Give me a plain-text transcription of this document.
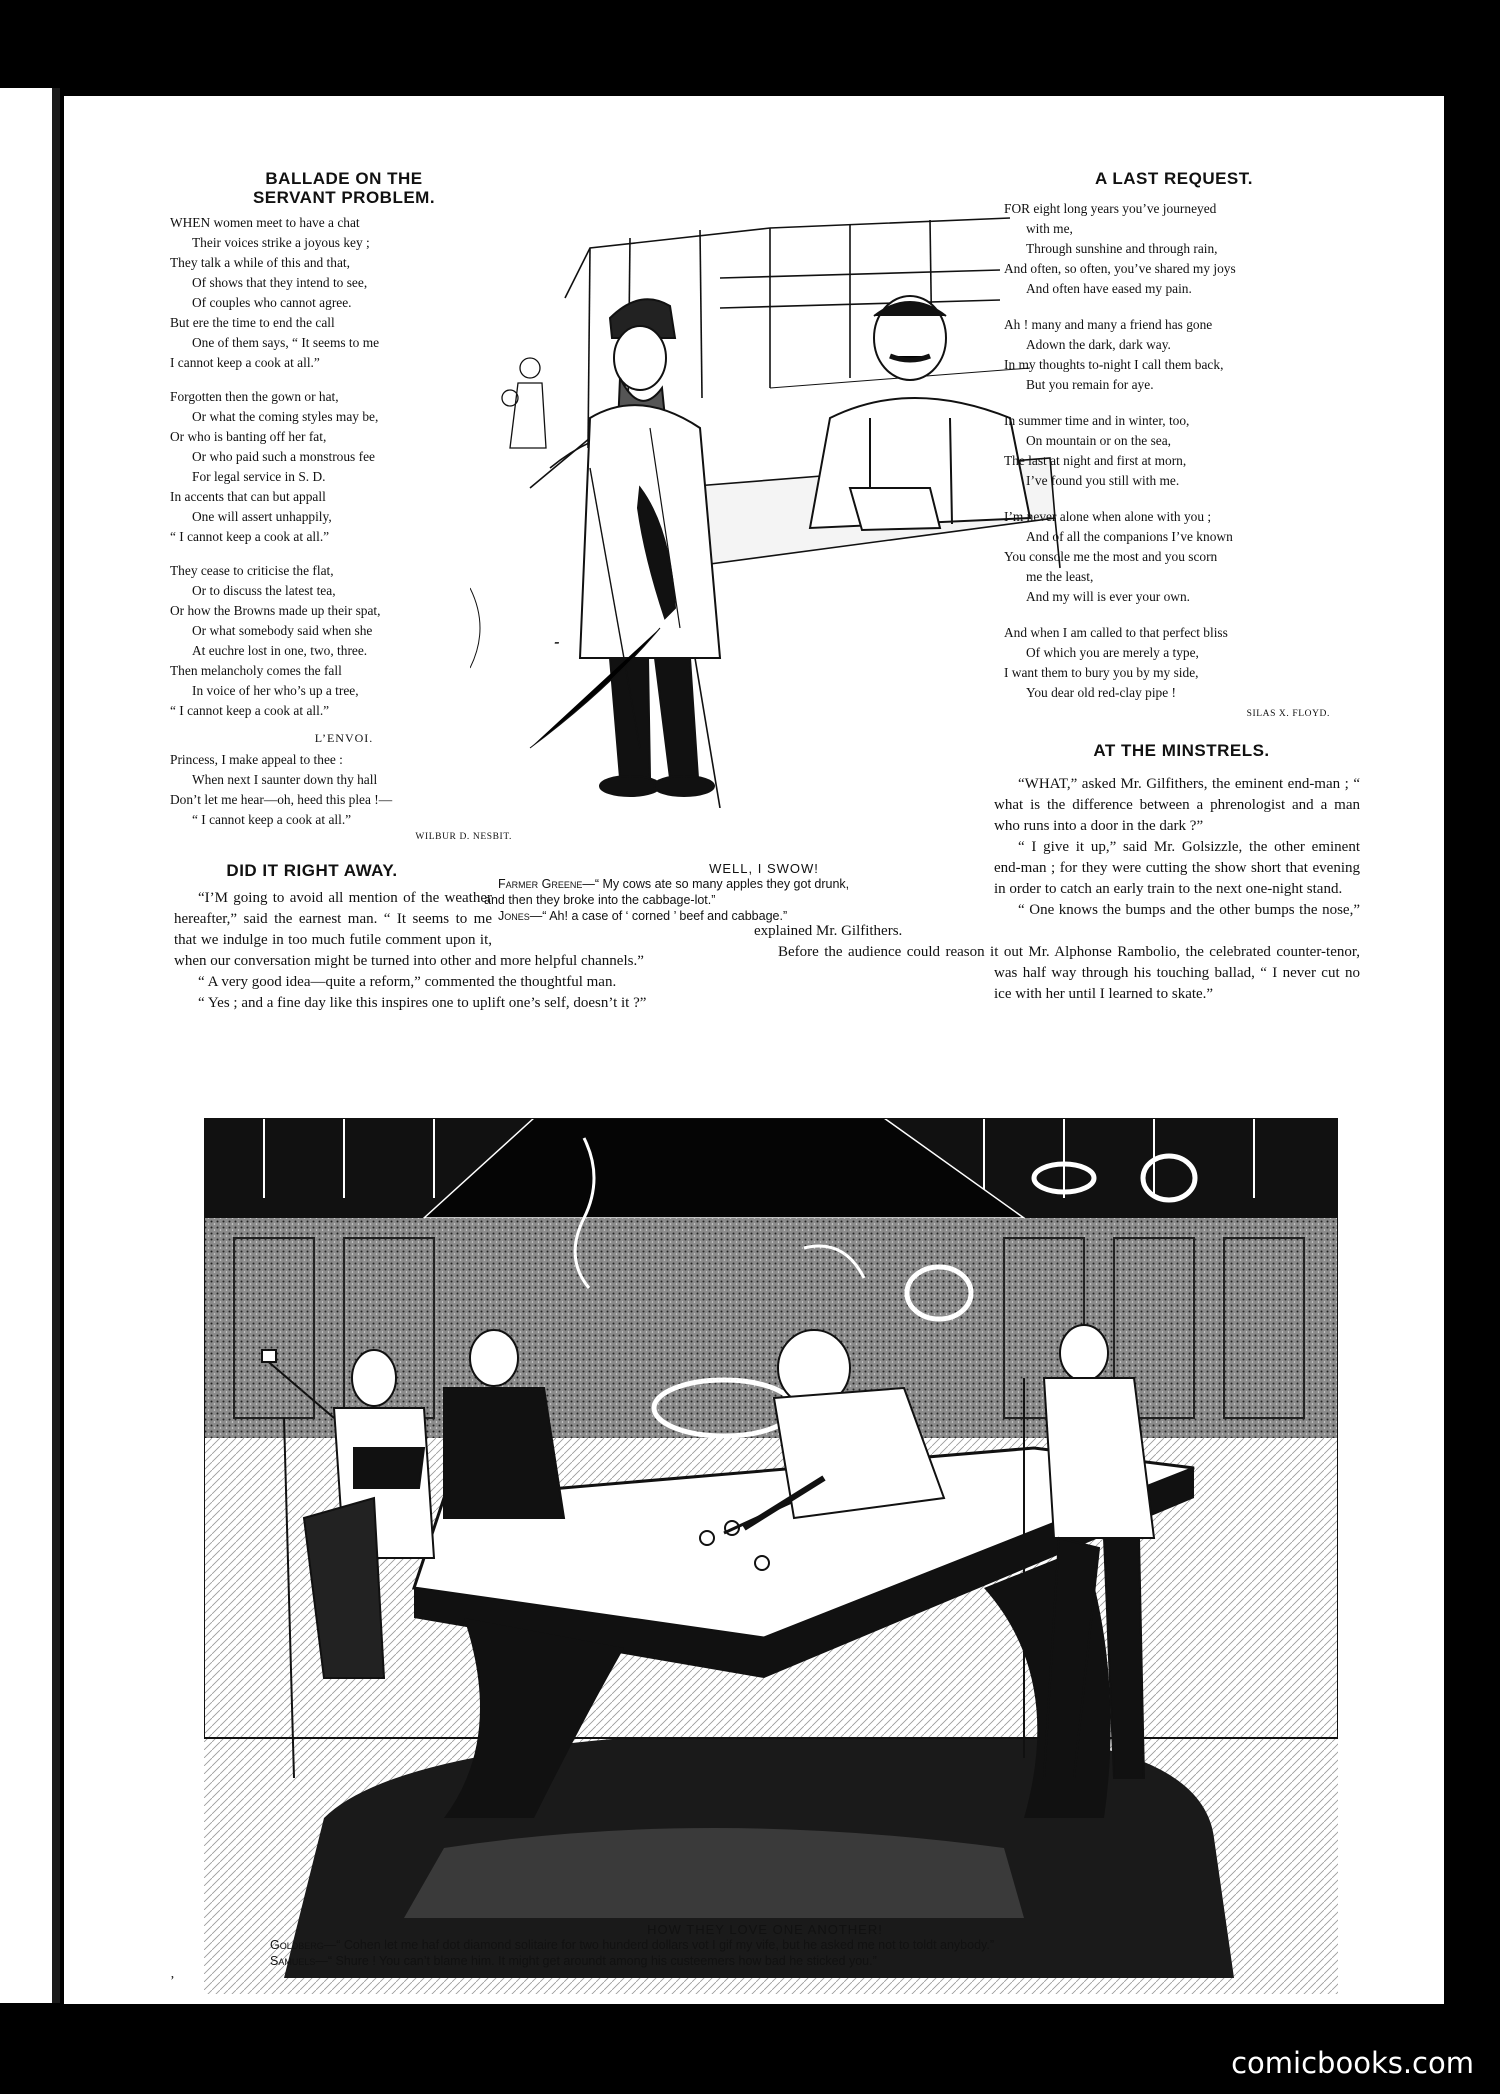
BALLADE ON THE SERVANT PROBLEM.
WHEN women meet to have a chat
Their voices strike a joyous key ;
They talk a while of this and that,
Of shows that they intend to see,
Of couples who cannot agree.
But ere the time to end the call
One of them says, “ It seems to me
I cannot keep a cook at all.”
Forgotten then the gown or hat,
Or what the coming styles may be,
Or who is banting off her fat,
Or who paid such a monstrous fee
For legal service in S. D.
In accents that can but appall
One will assert unhappily,
“ I cannot keep a cook at all.”
They cease to criticise the flat,
Or to discuss the latest tea,
Or how the Browns made up their spat,
Or what somebody said when she
At euchre lost in one, two, three.
Then melancholy comes the fall
In voice of her who’s up a tree,
“ I cannot keep a cook at all.”
L’ENVOI.
Princess, I make appeal to thee :
When next I saunter down thy hall
Don’t let me hear—oh, heed this plea !—
“ I cannot keep a cook at all.”
WILBUR D. NESBIT.
⁃
WELL, I SWOW!
Farmer Greene—“ My cows ate so many apples they got drunk,
and then they broke into the cabbage-lot.”
Jones—“ Ah! a case of ‘ corned ’ beef and cabbage.”
A LAST REQUEST.
FOR eight long years you’ve journeyed
with me,
Through sunshine and through rain,
And often, so often, you’ve shared my joys
And often have eased my pain.
Ah ! many and many a friend has gone
Adown the dark, dark way.
In my thoughts to-night I call them back,
But you remain for aye.
In summer time and in winter, too,
On mountain or on the sea,
The last at night and first at morn,
I’ve found you still with me.
I’m never alone when alone with you ;
And of all the companions I’ve known
You console me the most and you scorn
me the least,
And my will is ever your own.
And when I am called to that perfect bliss
Of which you are merely a type,
I want them to bury you by my side,
You dear old red-clay pipe !
SILAS X. FLOYD.
AT THE MINSTRELS.

“WHAT,” asked Mr. Gilfithers, the eminent end-man ; “ what is the difference between a phrenologist and a man who runs into a door in the dark ?”

“ I give it up,” said Mr. Golsizzle, the other eminent end-man ; for they were cutting the show short that evening in order to catch an early train to the next one-night stand.

“ One knows the bumps and the other bumps the nose,” explained Mr. Gilfithers.

Before the audience could reason it out Mr. Alphonse Rambolio, the celebrated counter-tenor, was half way through his touching ballad, “ I never cut no ice with her until I learned to skate.”

DID IT RIGHT AWAY.

“I’M going to avoid all mention of the weather hereafter,” said the earnest man. “ It seems to me that we indulge in too much futile comment upon it, when our conversation might be turned into other and more helpful channels.”

“ A very good idea—quite a reform,” commented the thoughtful man.

“ Yes ; and a fine day like this inspires one to uplift one’s self, doesn’t it ?”

HOW THEY LOVE ONE ANOTHER!
Goldberg—“ Cohen let me haf dot diamond solitaire for two hunderd dollars vot I gif my vife, but he asked me not to toldt anybody.”
Samuels—“ Shure ! You can’t blame him. It might get aroundt among his custeemers how bad he sticked you.”
’
comicbooks.com
